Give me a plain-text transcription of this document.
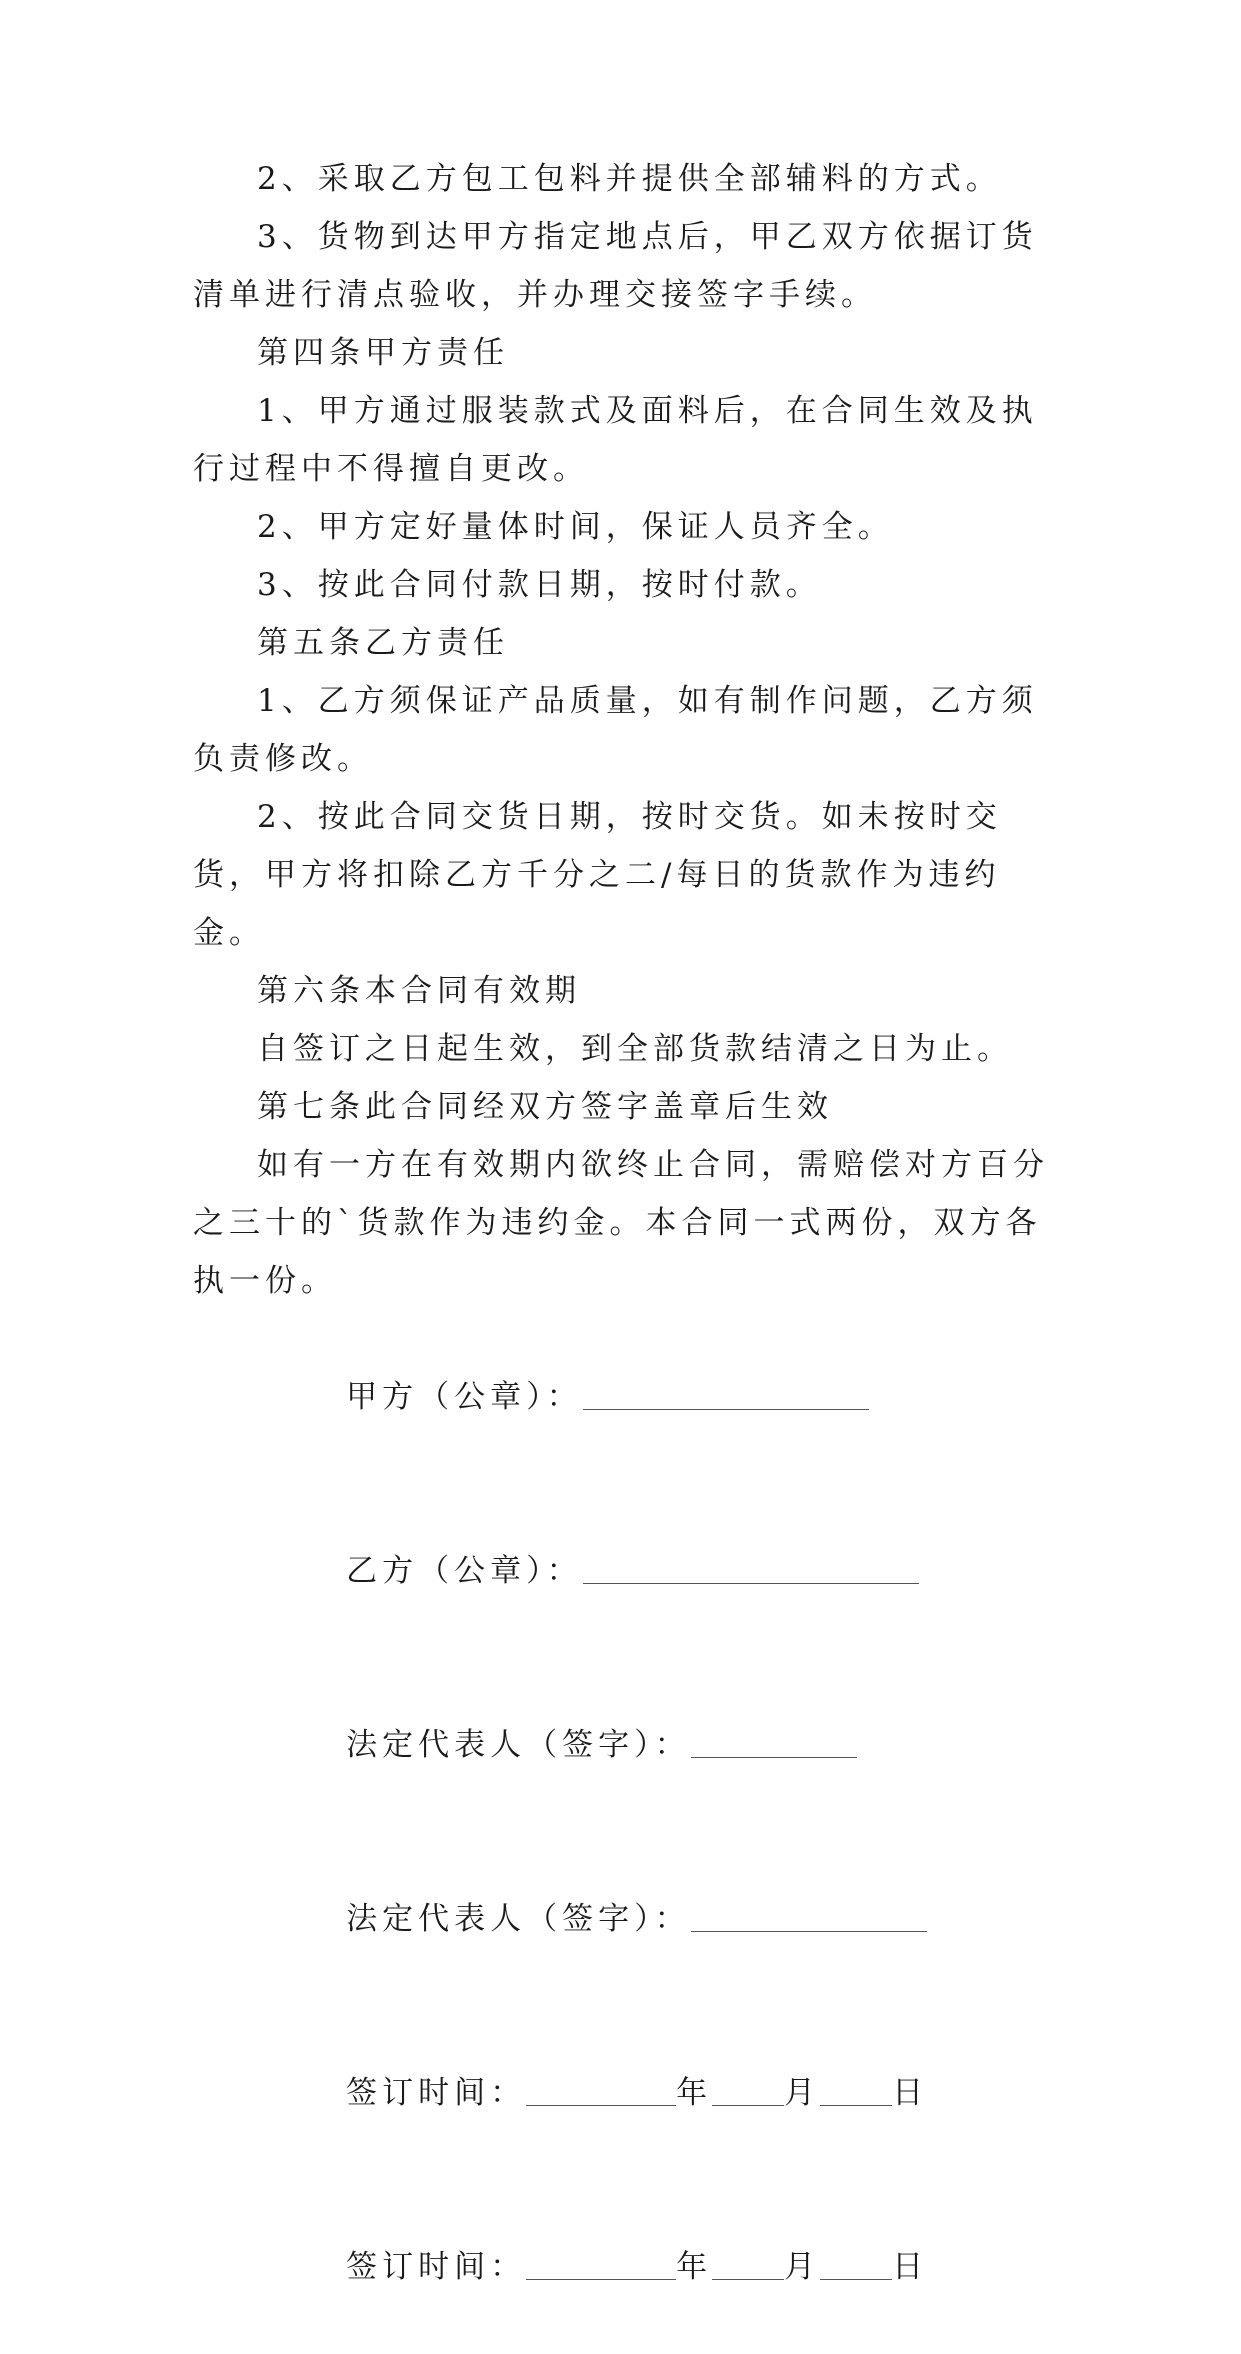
2、采取乙方包工包料并提供全部辅料的方式。

3、货物到达甲方指定地点后，甲乙双方依据订货清单进行清点验收，并办理交接签字手续。

第四条甲方责任

1、甲方通过服装款式及面料后，在合同生效及执行过程中不得擅自更改。

2、甲方定好量体时间，保证人员齐全。

3、按此合同付款日期，按时付款。

第五条乙方责任

1、乙方须保证产品质量，如有制作问题，乙方须负责修改。

2、按此合同交货日期，按时交货。如未按时交货，甲方将扣除乙方千分之二/每日的货款作为违约金。

第六条本合同有效期

自签订之日起生效，到全部货款结清之日为止。

第七条此合同经双方签字盖章后生效

如有一方在有效期内欲终止合同，需赔偿对方百分之三十的`货款作为违约金。本合同一式两份，双方各执一份。

甲方（公章）：

乙方（公章）：

法定代表人（签字）：

法定代表人（签字）：

签订时间：	年 月 日

签订时间：	年 月 日
